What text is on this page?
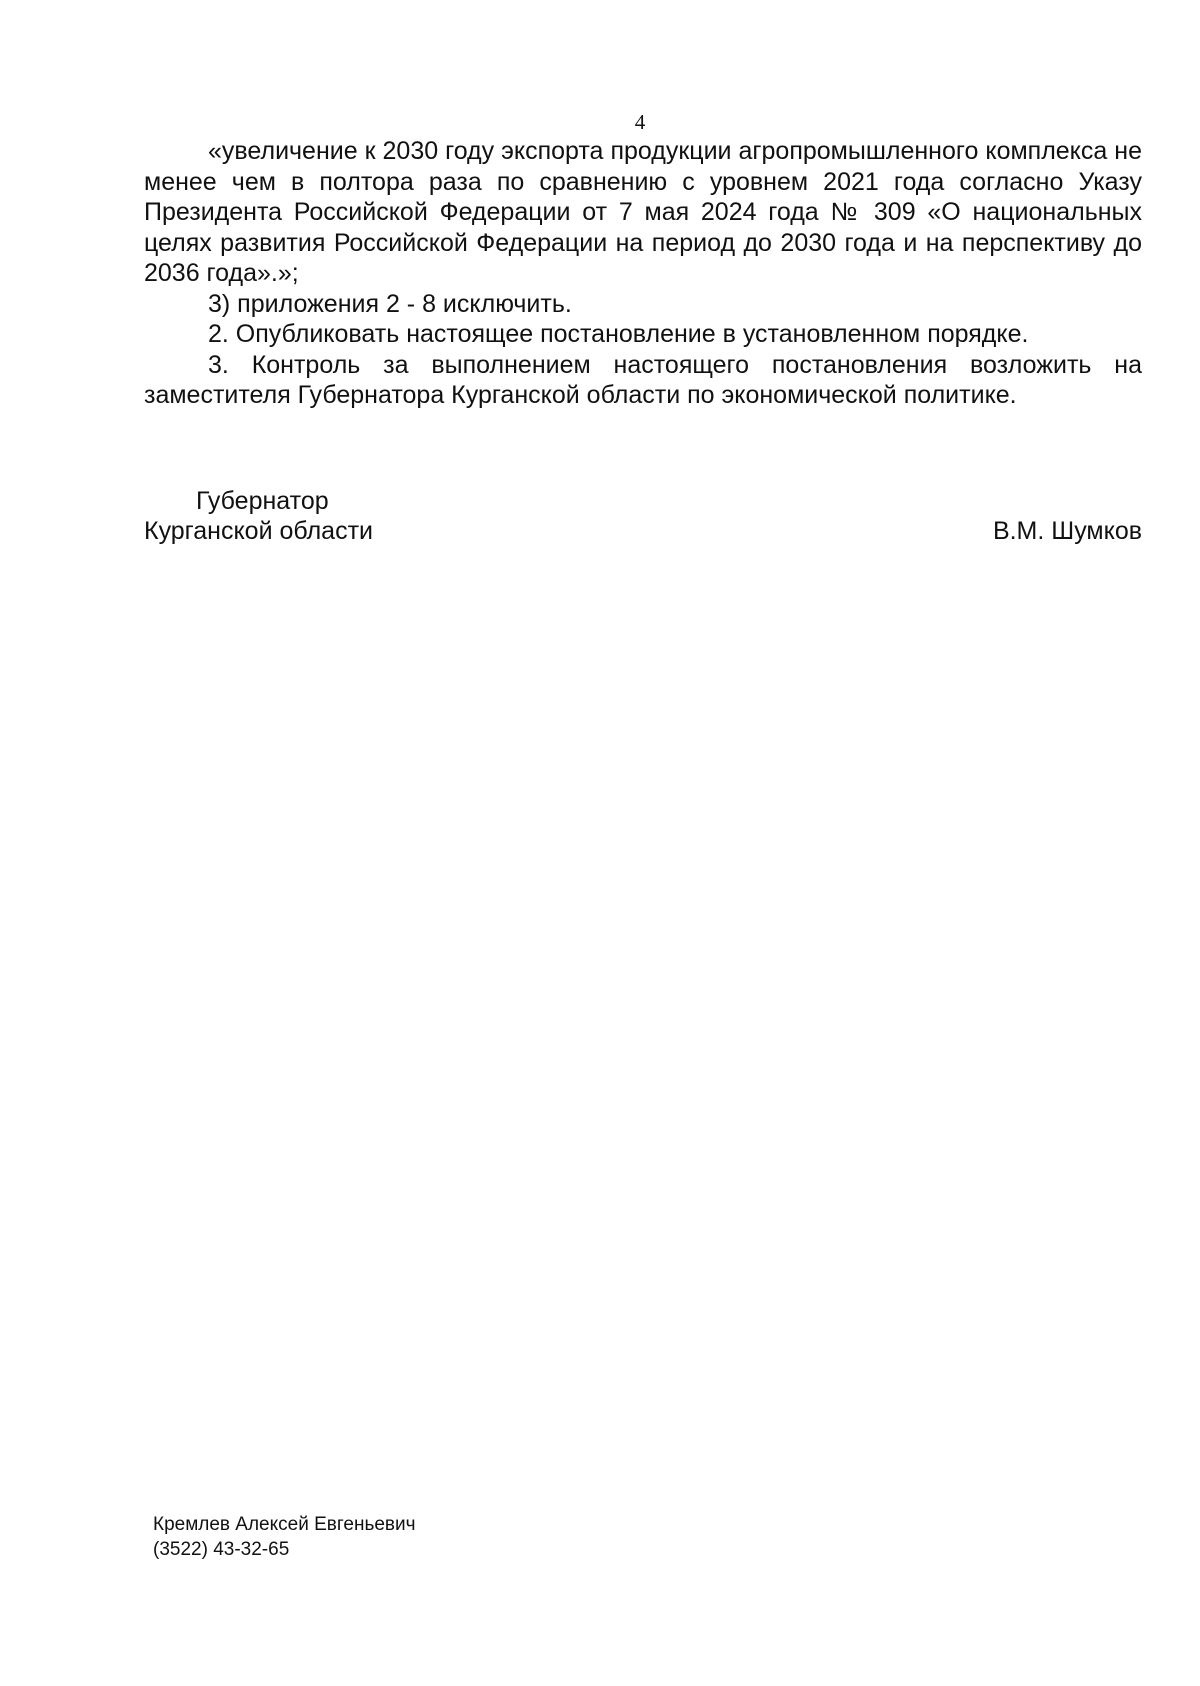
4

«увеличение к 2030 году экспорта продукции агропромышленного комплекса не менее чем в полтора раза по сравнению с уровнем 2021 года согласно Указу Президента Российской Федерации от 7 мая 2024 года № 309 «О национальных целях развития Российской Федерации на период до 2030 года и на перспективу до 2036 года».»;

3) приложения 2 - 8 исключить.

2. Опубликовать настоящее постановление в установленном порядке.

3. Контроль за выполнением настоящего постановления возложить на заместителя Губернатора Курганской области по экономической политике.

Губернатор
Курганской области	В.М. Шумков
Кремлев Алексей Евгеньевич
(3522) 43-32-65
